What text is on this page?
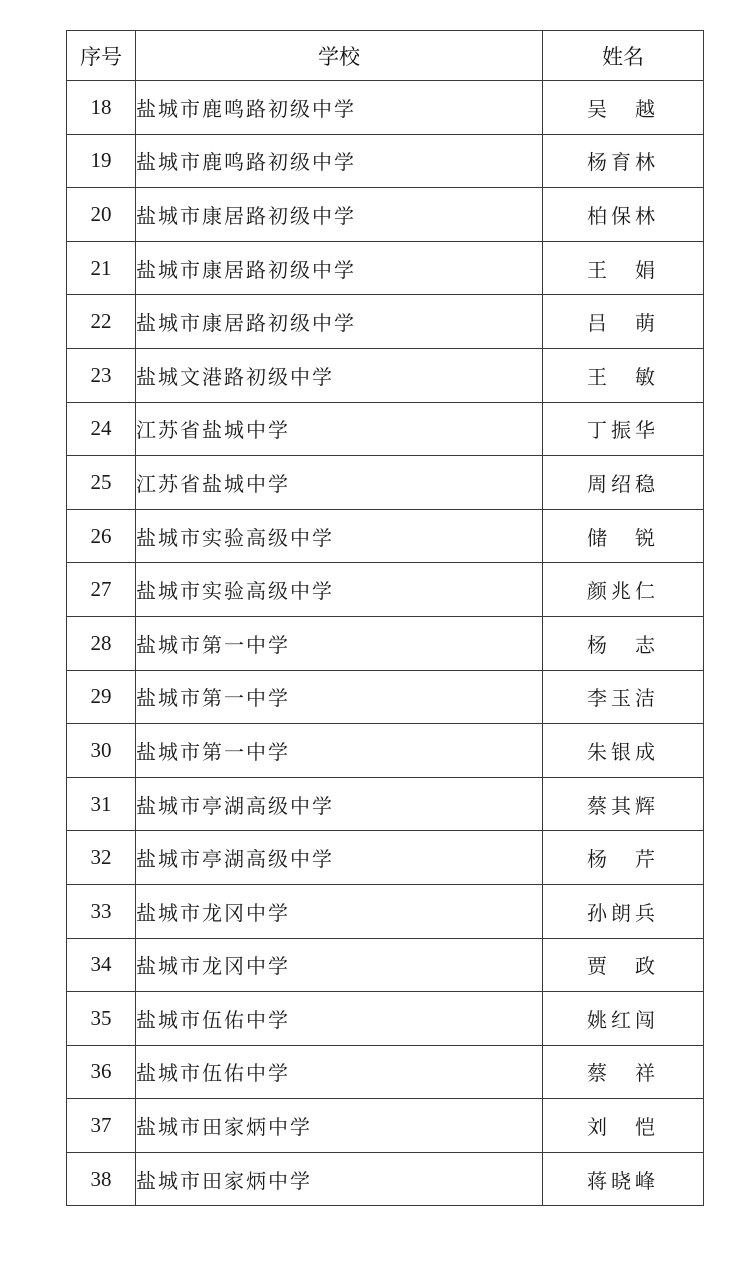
序号	学校	姓名
18	盐城市鹿鸣路初级中学	吴　越
19	盐城市鹿鸣路初级中学	杨育林
20	盐城市康居路初级中学	柏保林
21	盐城市康居路初级中学	王　娟
22	盐城市康居路初级中学	吕　萌
23	盐城文港路初级中学	王　敏
24	江苏省盐城中学	丁振华
25	江苏省盐城中学	周绍稳
26	盐城市实验高级中学	储　锐
27	盐城市实验高级中学	颜兆仁
28	盐城市第一中学	杨　志
29	盐城市第一中学	李玉洁
30	盐城市第一中学	朱银成
31	盐城市亭湖高级中学	蔡其辉
32	盐城市亭湖高级中学	杨　芹
33	盐城市龙冈中学	孙朗兵
34	盐城市龙冈中学	贾　政
35	盐城市伍佑中学	姚红闯
36	盐城市伍佑中学	蔡　祥
37	盐城市田家炳中学	刘　恺
38	盐城市田家炳中学	蒋晓峰
